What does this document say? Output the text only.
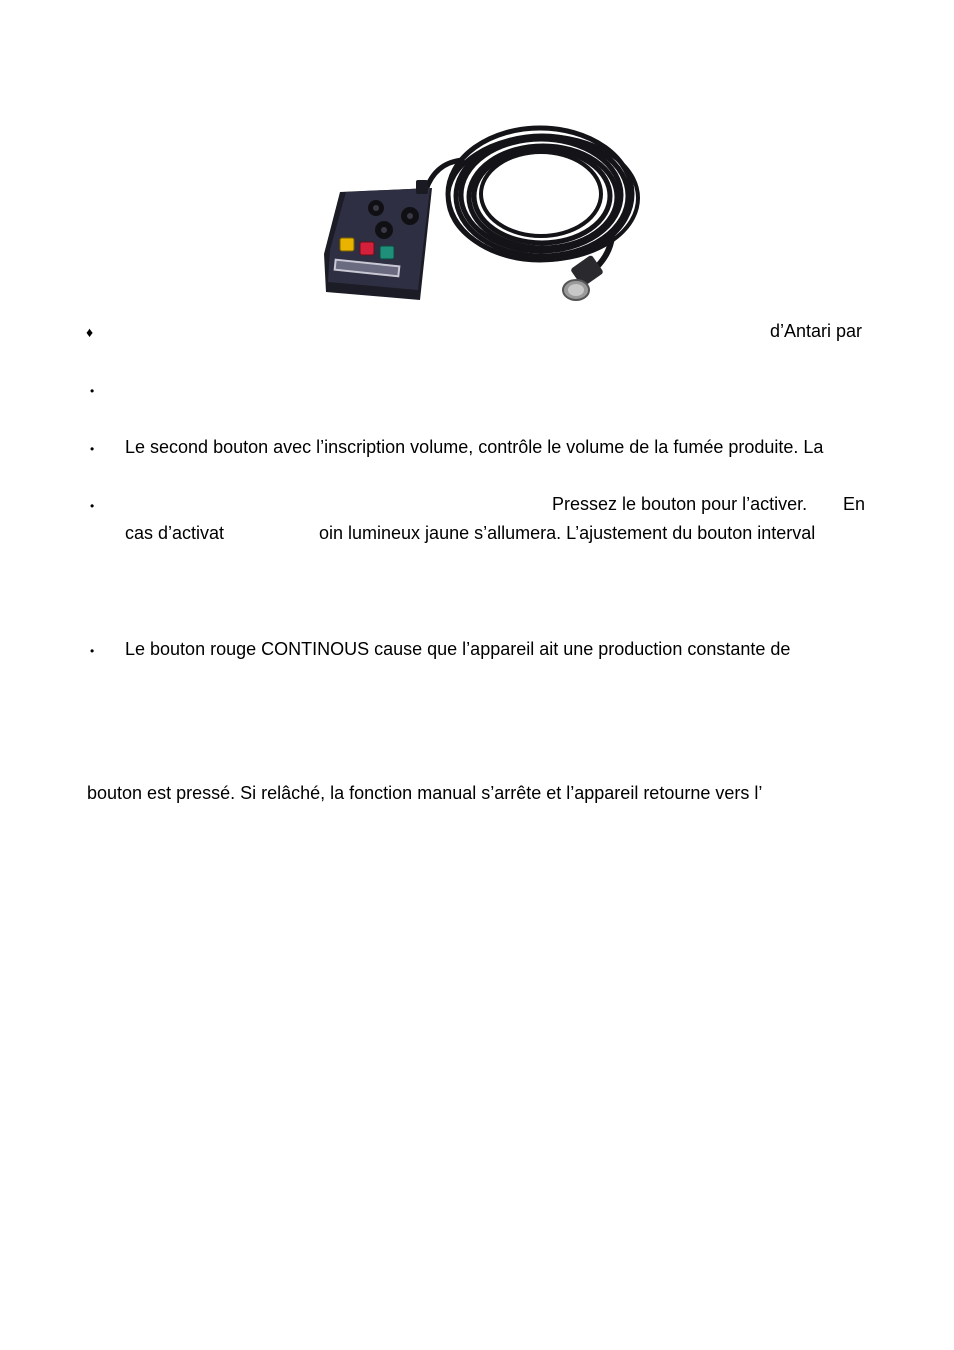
♦	d’Antari par
•
• Le second bouton avec l’inscription volume, contrôle le volume de la fumée produite. La
•	Pressez le bouton pour l’activer. En
cas d’activat	oin lumineux jaune s’allumera. L’ajustement du bouton interval
• Le bouton rouge CONTINOUS cause que l’appareil ait une production constante de
bouton est pressé. Si relâché, la fonction manual s’arrête et l’appareil retourne vers l’
